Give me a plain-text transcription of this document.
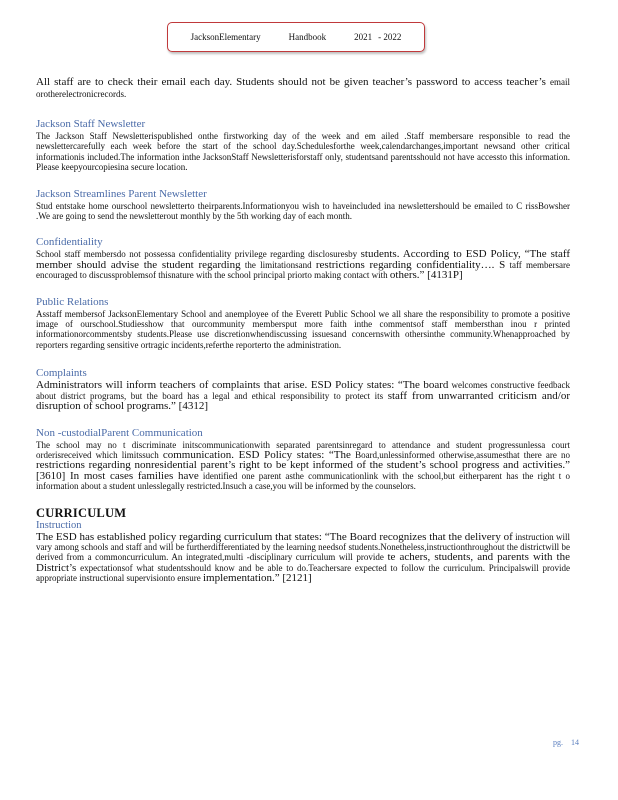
JacksonElementary	Handbook	2021 - 2022

All staff are to check their email each day. Students should not be given teacher’s password to access teacher’s email orotherelectronicrecords.

Jackson Staff Newsletter

The Jackson Staff Newsletterispublished onthe firstworking day of the week and em ailed .Staff membersare responsible to read the newslettercarefully each week before the start of the school day.Schedulesforthe week,calendarchanges,important newsand other critical informationis included.The information inthe JacksonStaff Newsletterisforstaff only, studentsand parentsshould not have accessto this information. Please keepyourcopiesina secure location.

Jackson Streamlines Parent Newsletter

Stud entstake home ourschool newsletterto theirparents.Informationyou wish to haveincluded ina newslettershould be emailed to C rissBowsher .We are going to send the newsletterout monthly by the 5th working day of each month.

Confidentiality

School staff membersdo not possessa confidentiality privilege regarding disclosuresby students. According to ESD Policy, “The staff member should advise the student regarding the limitationsand restrictions regarding confidentiality…. S taff membersare encouraged to discussproblemsof thisnature with the school principal priorto making contact with others.” [4131P]

Public Relations

Asstaff membersof JacksonElementary School and anemployee of the Everett Public School we all share the responsibility to promote a positive image of ourschool.Studiesshow that ourcommunity membersput more faith inthe commentsof staff membersthan inou r printed informationorcommentsby students.Please use discretionwhendiscussing issuesand concernswith othersinthe community.Whenapproached by reporters regarding sensitive ortragic incidents,referthe reporterto the administration.

Complaints

Administrators will inform teachers of complaints that arise. ESD Policy states: “The board welcomes constructive feedback about district programs, but the board has a legal and ethical responsibility to protect its staff from unwarranted criticism and/or disruption of school programs.” [4312]

Non -custodialParent Communication

The school may no t discriminate initscommunicationwith separated parentsinregard to attendance and student progressunlessa court orderisreceived which limitssuch communication. ESD Policy states: “The Board,unlessinformed otherwise,assumesthat there are no restrictions regarding nonresidential parent’s right to be kept informed of the student’s school progress and activities.” [3610] In most cases families have identified one parent asthe communicationlink with the school,but eitherparent has the right t o information about a student unlesslegally restricted.Insuch a case,you will be informed by the counselors.

CURRICULUM
Instruction

The ESD has established policy regarding curriculum that states: “The Board recognizes that the delivery of instruction will vary among schools and staff and will be furtherdifferentiated by the learning needsof students.Nonetheless,instructionthroughout the districtwill be derived from a commoncurriculum. An integrated,multi -disciplinary curriculum will provide te achers, students, and parents with the District’s expectationsof what studentsshould know and be able to do.Teachersare expected to follow the curriculum. Principalswill provide appropriate instructional supervisionto ensure implementation.” [2121]

pg. 14
